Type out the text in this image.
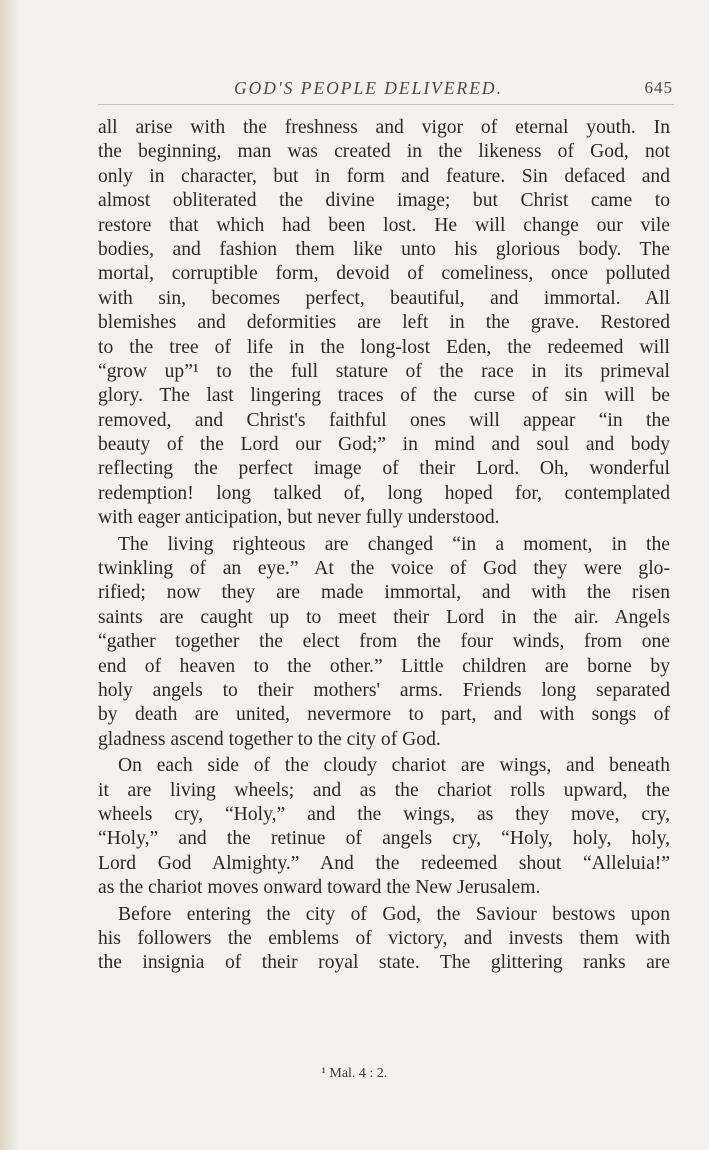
GOD'S PEOPLE DELIVERED.	645
all arise with the freshness and vigor of eternal youth. In
the beginning, man was created in the likeness of God, not
only in character, but in form and feature. Sin defaced and
almost obliterated the divine image; but Christ came to
restore that which had been lost. He will change our vile
bodies, and fashion them like unto his glorious body. The
mortal, corruptible form, devoid of comeliness, once polluted
with sin, becomes perfect, beautiful, and immortal. All
blemishes and deformities are left in the grave. Restored
to the tree of life in the long-lost Eden, the redeemed will
“grow up”¹ to the full stature of the race in its primeval
glory. The last lingering traces of the curse of sin will be
removed, and Christ's faithful ones will appear “in the
beauty of the Lord our God;” in mind and soul and body
reflecting the perfect image of their Lord. Oh, wonderful
redemption! long talked of, long hoped for, contemplated
with eager anticipation, but never fully understood.
The living righteous are changed “in a moment, in the
twinkling of an eye.” At the voice of God they were glo-
rified; now they are made immortal, and with the risen
saints are caught up to meet their Lord in the air. Angels
“gather together the elect from the four winds, from one
end of heaven to the other.” Little children are borne by
holy angels to their mothers' arms. Friends long separated
by death are united, nevermore to part, and with songs of
gladness ascend together to the city of God.
On each side of the cloudy chariot are wings, and beneath
it are living wheels; and as the chariot rolls upward, the
wheels cry, “Holy,” and the wings, as they move, cry,
“Holy,” and the retinue of angels cry, “Holy, holy, holy,
Lord God Almighty.” And the redeemed shout “Alleluia!”
as the chariot moves onward toward the New Jerusalem.
Before entering the city of God, the Saviour bestows upon
his followers the emblems of victory, and invests them with
the insignia of their royal state. The glittering ranks are
¹ Mal. 4 : 2.
